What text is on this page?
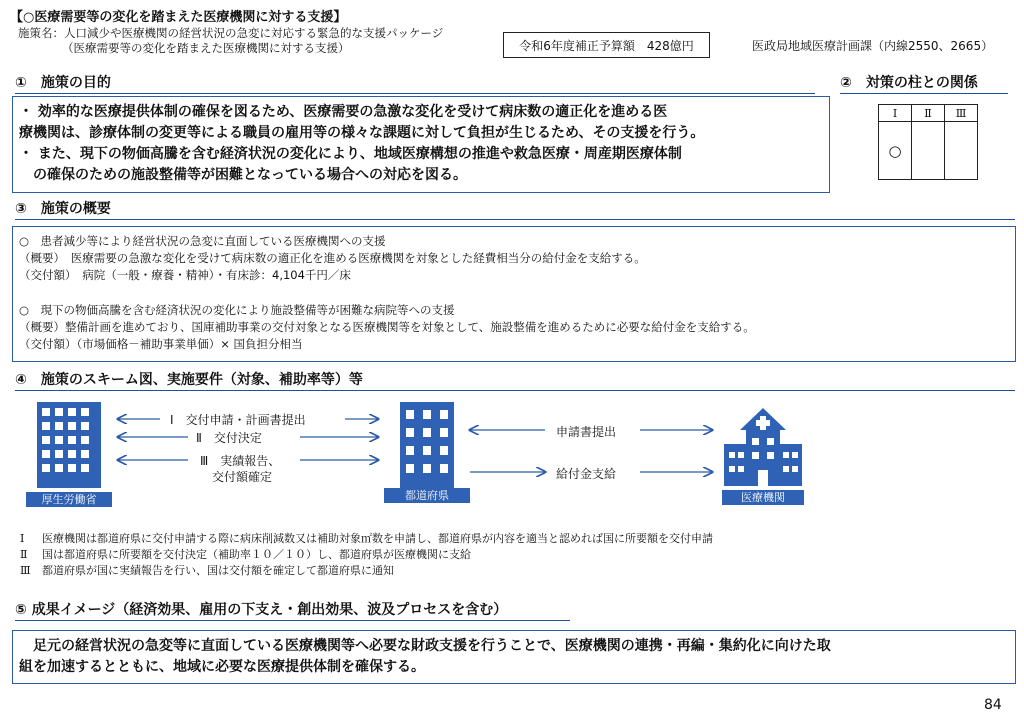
【○医療需要等の変化を踏まえた医療機関に対する支援】
施策名：人口減少や医療機関の経営状況の急変に対応する緊急的な支援パッケージ
（医療需要等の変化を踏まえた医療機関に対する支援）	令和6年度補正予算額　428億円	医政局地域医療計画課（内線2550、2665）
①　施策の目的
・ 効率的な医療提供体制の確保を図るため、医療需要の急激な変化を受けて病床数の適正化を進める医
療機関は、診療体制の変更等による職員の雇用等の様々な課題に対して負担が生じるため、その支援を行う。
・ また、現下の物価高騰を含む経済状況の変化により、地域医療構想の推進や救急医療・周産期医療体制
　の確保のための施設整備等が困難となっている場合への対応を図る。
②　対策の柱との関係
Ⅰ	Ⅱ	Ⅲ
○		
③　施策の概要
○　患者減少等により経営状況の急変に直面している医療機関への支援
（概要）　医療需要の急激な変化を受けて病床数の適正化を進める医療機関を対象とした経費相当分の給付金を支給する。
（交付額）　病院（一般・療養・精神）・有床診：4,104千円／床
○　現下の物価高騰を含む経済状況の変化により施設整備等が困難な病院等への支援
（概要）整備計画を進めており、国庫補助事業の交付対象となる医療機関等を対象として、施設整備を進めるために必要な給付金を支給する。
（交付額）（市場価格－補助事業単価）× 国負担分相当
④　施策のスキーム図、実施要件（対象、補助率等）等
厚生労働省	都道府県	医療機関
Ⅰ　 交付申請・計画書提出
Ⅱ　 交付決定
Ⅲ　 実績報告、
交付額確定
申請書提出
給付金支給
Ⅰ 医療機関は都道府県に交付申請する際に病床削減数又は補助対象㎡数を申請し、都道府県が内容を適当と認めれば国に所要額を交付申請
Ⅱ 国は都道府県に所要額を交付決定（補助率１０／１０）し、都道府県が医療機関に支給
Ⅲ 都道府県が国に実績報告を行い、国は交付額を確定して都道府県に通知
⑤ 成果イメージ（経済効果、雇用の下支え・創出効果、波及プロセスを含む）
　足元の経営状況の急変等に直面している医療機関等へ必要な財政支援を行うことで、医療機関の連携・再編・集約化に向けた取
組を加速するとともに、地域に必要な医療提供体制を確保する。
84
